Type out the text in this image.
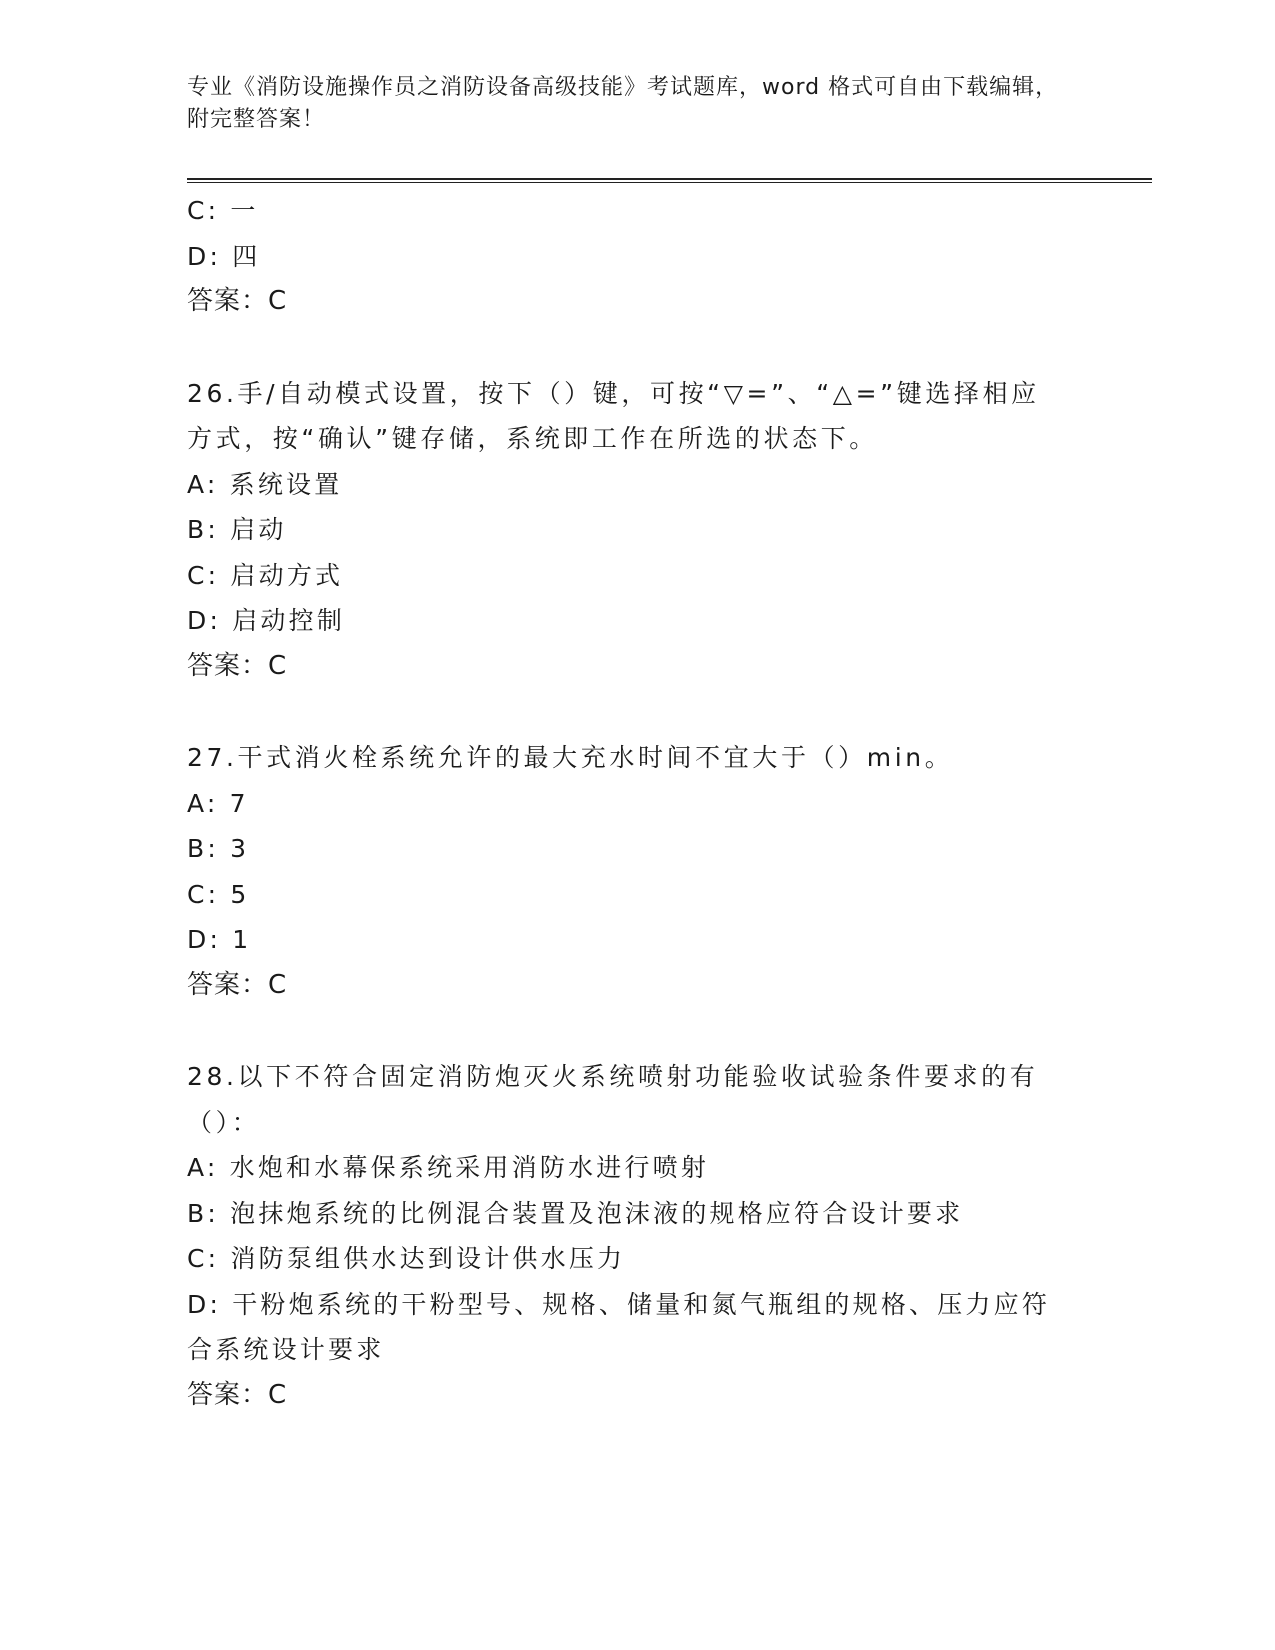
专业《消防设施操作员之消防设备高级技能》考试题库，word 格式可自由下载编辑，附完整答案！
C: 一
D: 四
答案：C
26.手/自动模式设置，按下（）键，可按“▽=”、“△=”键选择相应方式，按“确认”键存储，系统即工作在所选的状态下。
A: 系统设置
B: 启动
C: 启动方式
D: 启动控制
答案：C
27.干式消火栓系统允许的最大充水时间不宜大于（）min。
A: 7
B: 3
C: 5
D: 1
答案：C
28.以下不符合固定消防炮灭火系统喷射功能验收试验条件要求的有（）：
A: 水炮和水幕保系统采用消防水进行喷射
B: 泡抹炮系统的比例混合装置及泡沫液的规格应符合设计要求
C: 消防泵组供水达到设计供水压力
D: 干粉炮系统的干粉型号、规格、储量和氮气瓶组的规格、压力应符合系统设计要求
答案：C
